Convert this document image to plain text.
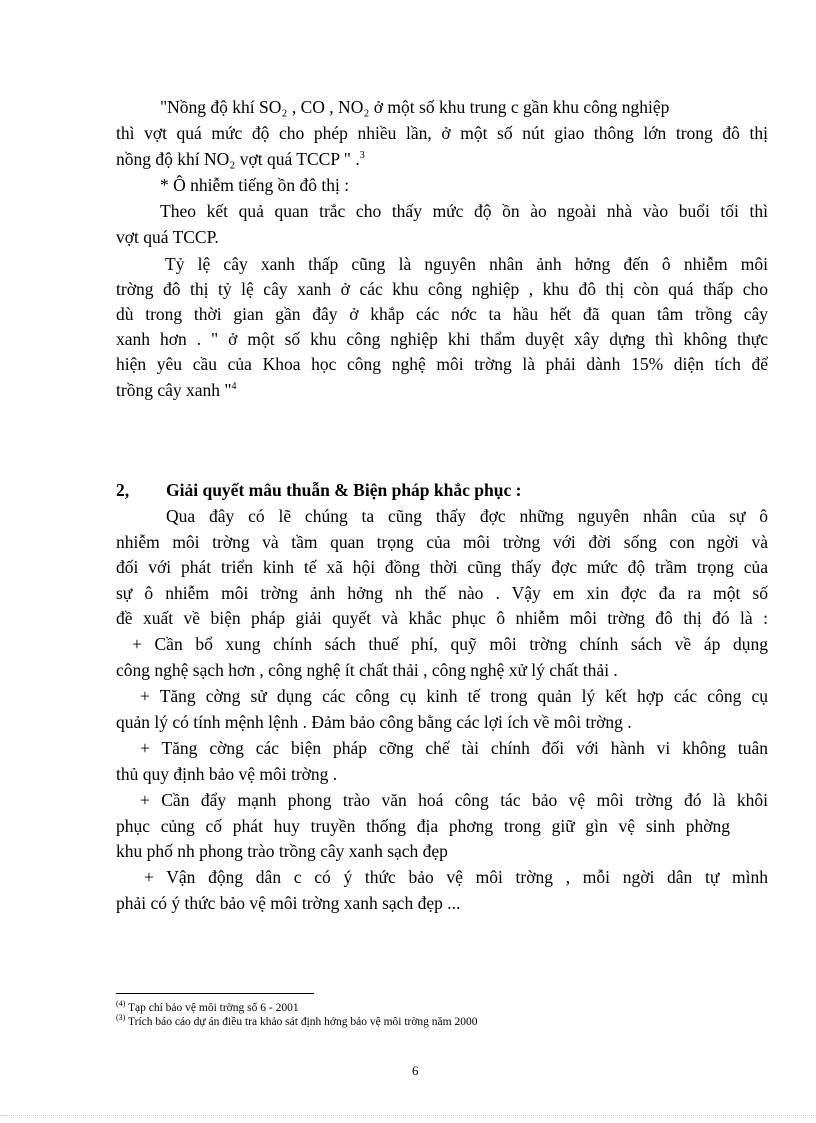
"Nồng độ khí SO₂ , CO , NO₂ ở một số khu trung c gần khu công nghiệp
thì vợt quá mức độ cho phép nhiều lần, ở một số nút giao thông lớn trong đô thị
nồng độ khí NO₂ vợt quá TCCP " .$^3$
* Ô nhiễm tiếng ồn đô thị :
Theo kết quả quan trắc cho thấy mức độ ồn ào ngoài nhà vào buổi tối thì
vợt quá TCCP.
Tỷ lệ cây xanh thấp cũng là nguyên nhân ảnh hởng đến ô nhiễm môi
trờng đô thị tỷ lệ cây xanh ở các khu công nghiệp , khu đô thị còn quá thấp cho
dù trong thời gian gần đây ở khắp các nớc ta hầu hết đã quan tâm trồng cây
xanh hơn . " ở một số khu công nghiệp khi thẩm duyệt xây dựng thì không thực
hiện yêu cầu của Khoa học công nghệ môi trờng là phải dành 15% diện tích để
trồng cây xanh "$^4$
2, Giải quyết mâu thuẫn & Biện pháp khắc phục :
Qua đây có lẽ chúng ta cũng thấy đợc những nguyên nhân của sự ô
nhiễm môi trờng và tầm quan trọng của môi trờng với đời sống con ngời và
đối với phát triển kinh tế xã hội đồng thời cũng thấy đợc mức độ trầm trọng của
sự ô nhiễm môi trờng ảnh hởng nh thế nào . Vậy em xin đợc đa ra một số
đề xuất về biện pháp giải quyết và khắc phục ô nhiễm môi trờng đô thị đó là :
+ Cần bổ xung chính sách thuế phí, quỹ môi trờng chính sách về áp dụng
công nghệ sạch hơn , công nghệ ít chất thải , công nghệ xử lý chất thải .
+ Tăng cờng sử dụng các công cụ kinh tế trong quản lý kết hợp các công cụ
quản lý có tính mệnh lệnh . Đảm bảo công bằng các lợi ích về môi trờng .
+ Tăng cờng các biện pháp cỡng chế tài chính đối với hành vi không tuân
thủ quy định bảo vệ môi trờng .
+ Cần đẩy mạnh phong trào văn hoá công tác bảo vệ môi trờng đó là khôi
phục củng cố phát huy truyền thống địa phơng trong giữ gìn vệ sinh phờng
khu phố nh phong trào trồng cây xanh sạch đẹp
+ Vận động dân c có ý thức bảo vệ môi trờng , mỗi ngời dân tự mình
phải có ý thức bảo vệ môi trờng xanh sạch đẹp ...
$^{(4)}$ Tạp chí bảo vệ môi trờng số 6 - 2001
$^{(3)}$ Trích báo cáo dự án điều tra khảo sát định hớng bảo vệ môi trờng năm 2000
6
